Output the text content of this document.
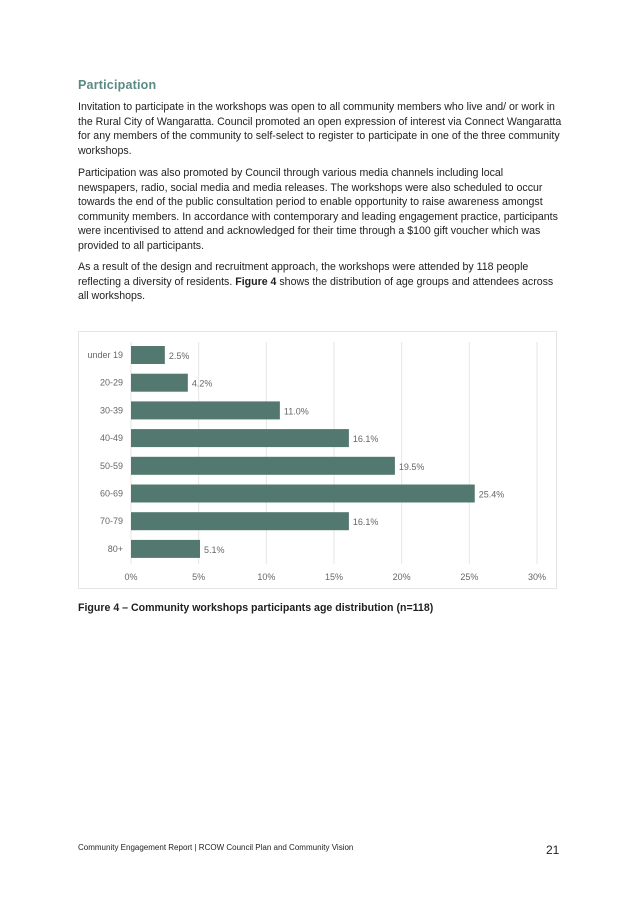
Participation

Invitation to participate in the workshops was open to all community members who live and/ or work in the Rural City of Wangaratta. Council promoted an open expression of interest via Connect Wangaratta for any members of the community to self-select to register to participate in one of the three community workshops.

Participation was also promoted by Council through various media channels including local newspapers, radio, social media and media releases. The workshops were also scheduled to occur towards the end of the public consultation period to enable opportunity to raise awareness amongst community members. In accordance with contemporary and leading engagement practice, participants were incentivised to attend and acknowledged for their time through a $100 gift voucher which was provided to all participants.

As a result of the design and recruitment approach, the workshops were attended by 118 people reflecting a diversity of residents. Figure 4 shows the distribution of age groups and attendees across all workshops.

0%	5%	10%	15%	20%	25%	30%
under 19	2.5%
20-29	4.2%
30-39	11.0%
40-49	16.1%
50-59	19.5%
60-69	25.4%
70-79	16.1%
80+	5.1%

Figure 4 – Community workshops participants age distribution (n=118)

Community Engagement Report | RCOW Council Plan and Community Vision	21
